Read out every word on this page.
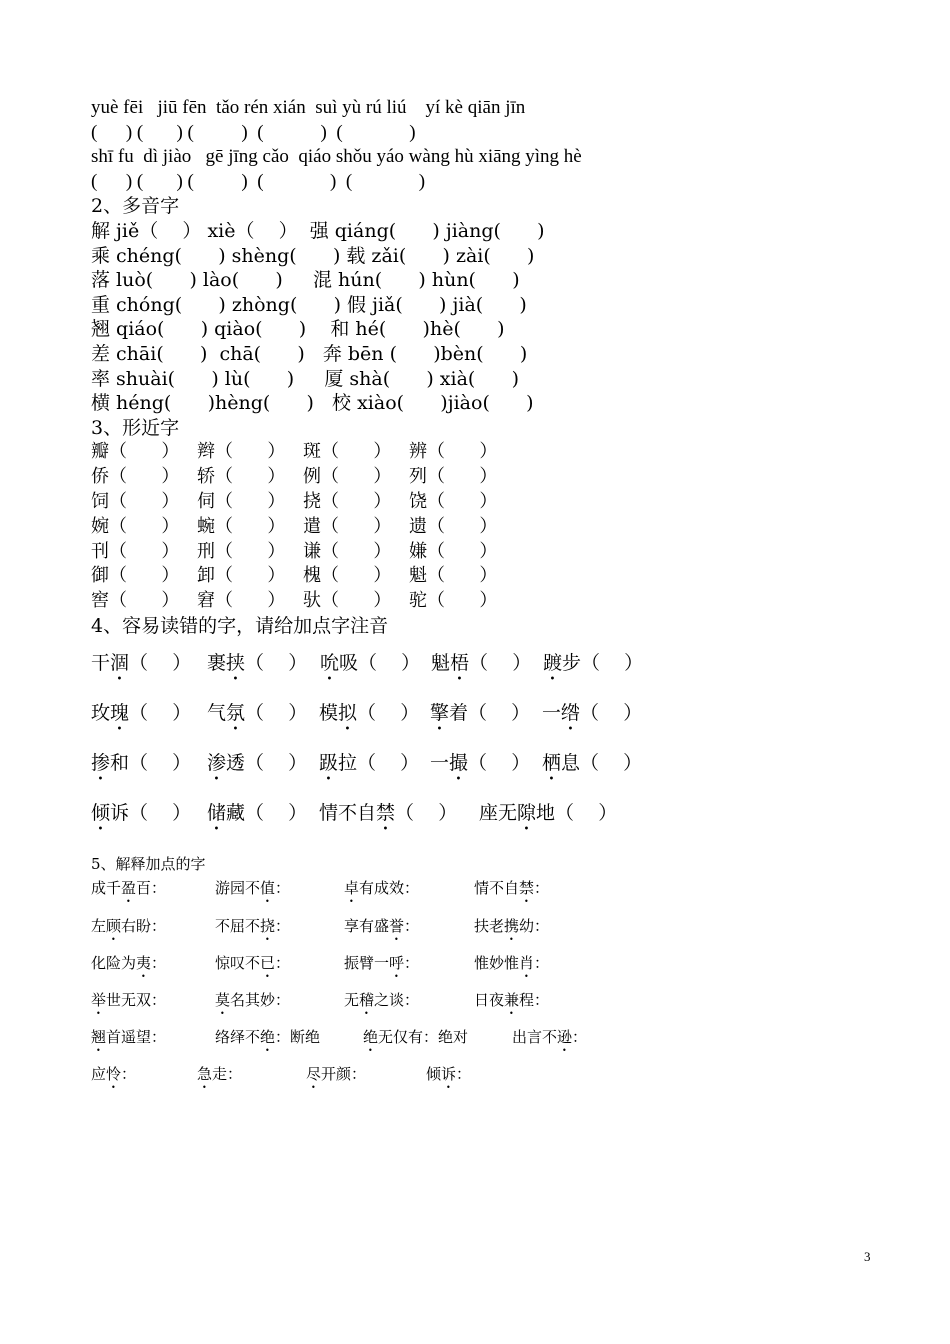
yuè fēi   jiū fēn  tǎo rén xián  suì yù rú liú    yí kè qiān jīn
(      ) (       ) (          )  (            )  (              )
shī fu  dì jiào   gē jīng cǎo  qiáo shǒu yáo wàng hù xiāng yìng hè
(      ) (       ) (          )  (              )  (              )
2、多音字
解 jiě（    ） xiè（    ）  强 qiáng(      ) jiàng(      )
乘 chéng(      ) shèng(      ) 载 zǎi(      ) zài(      )
落 luò(      ) lào(      )     混 hún(      ) hùn(      )
重 chóng(      ) zhòng(      ) 假 jiǎ(      ) jià(      )
翘 qiáo(      ) qiào(      )    和 hé(      )hè(      )
差 chāi(      )  chā(      )   奔 bēn (      )bèn(      )
率 shuài(      ) lù(      )     厦 shà(      ) xià(      )
横 héng(      )hèng(      )   校 xiào(      )jiào(      )
3、形近字
瓣（      ） 辫（      ） 斑（      ） 辨（      ）
侨（      ） 轿（      ） 例（      ） 列（      ）
饲（      ） 伺（      ） 挠（      ） 饶（      ）
婉（      ） 蜿（      ） 遣（      ） 遗（      ）
刊（      ） 刑（      ） 谦（      ） 嫌（      ）
御（      ） 卸（      ） 槐（      ） 魁（      ）
窖（      ） 窘（      ） 驮（      ） 驼（      ）
4、容易读错的字，请给加点字注音
干涸（    ） 裹挟（    ） 吮吸（    ） 魁梧（    ） 踱步（    ）
玫瑰（    ） 气氛（    ） 模拟（    ） 擎着（    ） 一绺（    ）
掺和（    ） 渗透（    ） 趿拉（    ） 一撮（    ） 栖息（    ）
倾诉（    ） 储藏（    ） 情不自禁（    ） 座无隙地（    ）
5、解释加点的字
成千盈百：	游园不值：	卓有成效：	情不自禁：
左顾右盼：	不屈不挠：	享有盛誉：	扶老携幼：
化险为夷：	惊叹不已：	振臂一呼：	惟妙惟肖：
举世无双：	莫名其妙：	无稽之谈：	日夜兼程：
翘首遥望：	络绎不绝：断绝	绝无仅有：绝对	出言不逊：
应怜：	急走：	尽开颜：	倾诉：
3
